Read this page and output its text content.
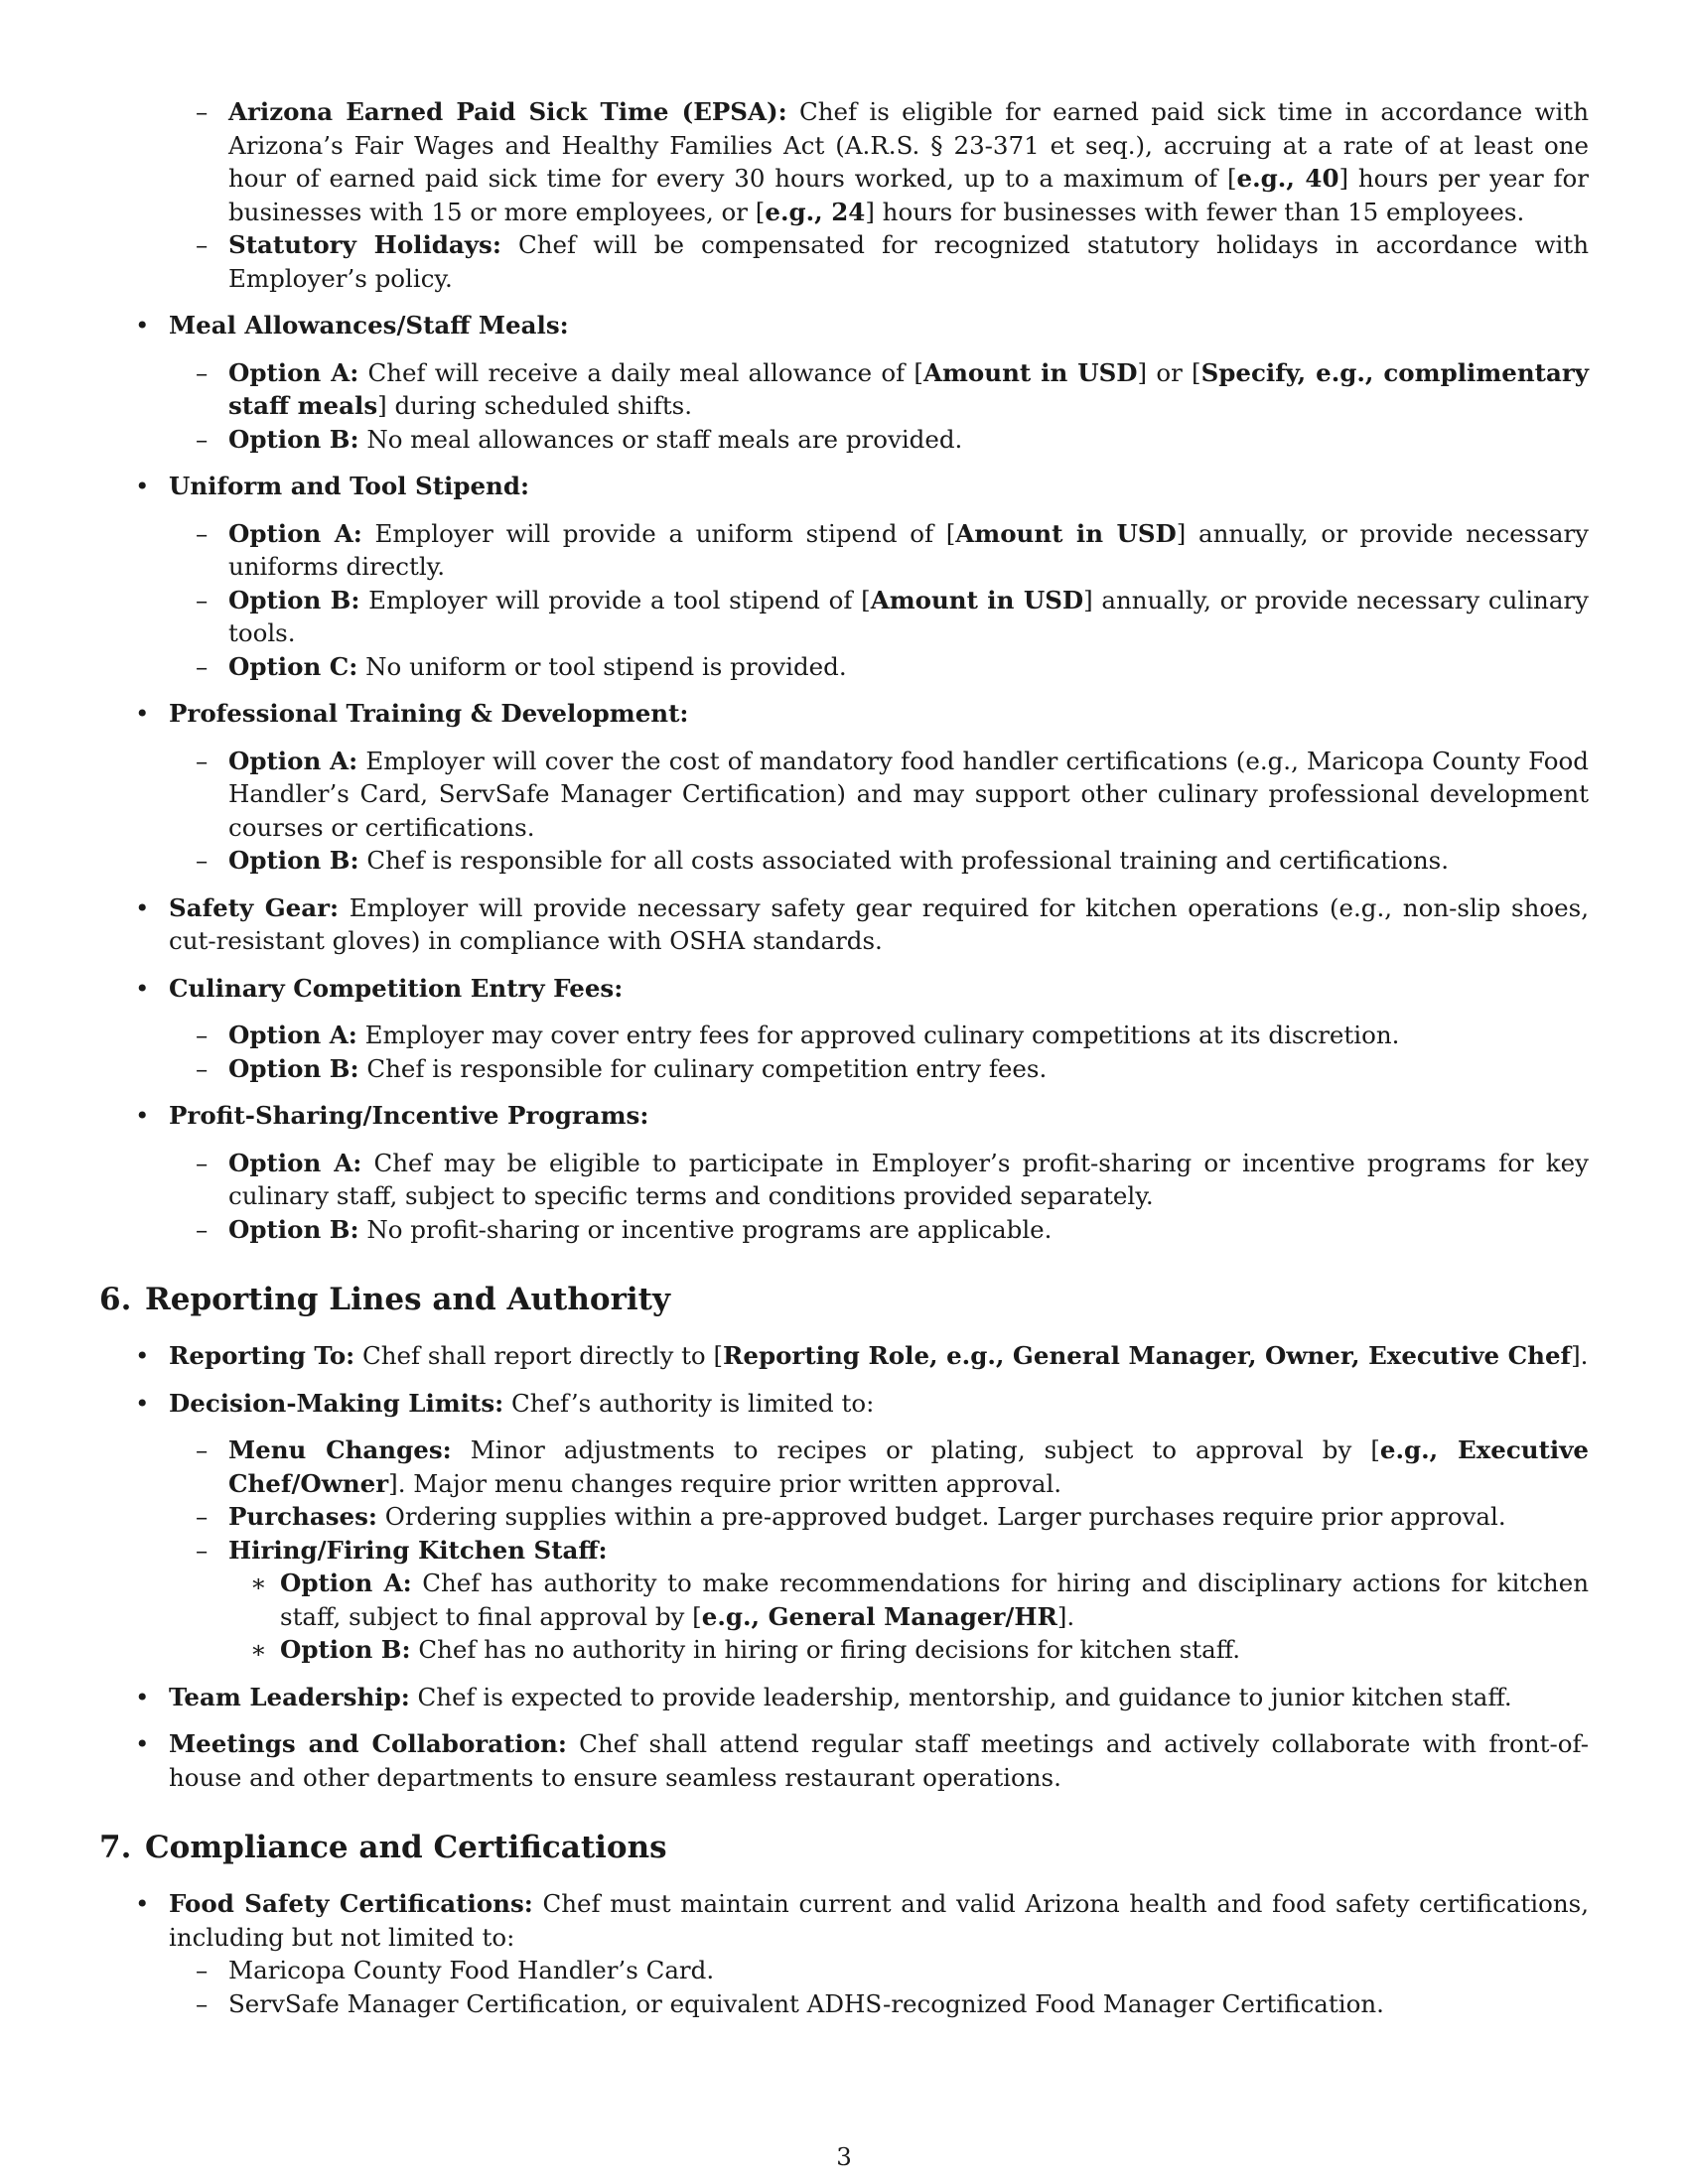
– Arizona Earned Paid Sick Time (EPSA): Chef is eligible for earned paid sick time in accordance with Arizona’s Fair Wages and Healthy Families Act (A.R.S. § 23-371 et seq.), accruing at a rate of at least one hour of earned paid sick time for every 30 hours worked, up to a maximum of [e.g., 40] hours per year for businesses with 15 or more employees, or [e.g., 24] hours for businesses with fewer than 15 employees.

– Statutory Holidays: Chef will be compensated for recognized statutory holidays in accordance with Employer’s policy.

• Meal Allowances/Staff Meals:

– Option A: Chef will receive a daily meal allowance of [Amount in USD] or [Specify, e.g., complimentary staff meals] during scheduled shifts.

– Option B: No meal allowances or staff meals are provided.

• Uniform and Tool Stipend:

– Option A: Employer will provide a uniform stipend of [Amount in USD] annually, or provide necessary uniforms directly.

– Option B: Employer will provide a tool stipend of [Amount in USD] annually, or provide necessary culinary tools.

– Option C: No uniform or tool stipend is provided.

• Professional Training & Development:

– Option A: Employer will cover the cost of mandatory food handler certifications (e.g., Maricopa County Food Handler’s Card, ServSafe Manager Certification) and may support other culinary professional development courses or certifications.

– Option B: Chef is responsible for all costs associated with professional training and certifications.

• Safety Gear: Employer will provide necessary safety gear required for kitchen operations (e.g., non-slip shoes, cut-resistant gloves) in compliance with OSHA standards.

• Culinary Competition Entry Fees:

– Option A: Employer may cover entry fees for approved culinary competitions at its discretion.

– Option B: Chef is responsible for culinary competition entry fees.

• Profit-Sharing/Incentive Programs:

– Option A: Chef may be eligible to participate in Employer’s profit-sharing or incentive programs for key culinary staff, subject to specific terms and conditions provided separately.

– Option B: No profit-sharing or incentive programs are applicable.

6. Reporting Lines and Authority

• Reporting To: Chef shall report directly to [Reporting Role, e.g., General Manager, Owner, Executive Chef].

• Decision-Making Limits: Chef’s authority is limited to:

– Menu Changes: Minor adjustments to recipes or plating, subject to approval by [e.g., Executive Chef/Owner]. Major menu changes require prior written approval.

– Purchases: Ordering supplies within a pre-approved budget. Larger purchases require prior approval.

– Hiring/Firing Kitchen Staff:

∗ Option A: Chef has authority to make recommendations for hiring and disciplinary actions for kitchen staff, subject to final approval by [e.g., General Manager/HR].

∗ Option B: Chef has no authority in hiring or firing decisions for kitchen staff.

• Team Leadership: Chef is expected to provide leadership, mentorship, and guidance to junior kitchen staff.

• Meetings and Collaboration: Chef shall attend regular staff meetings and actively collaborate with front-of-house and other departments to ensure seamless restaurant operations.

7. Compliance and Certifications

• Food Safety Certifications: Chef must maintain current and valid Arizona health and food safety certifications, including but not limited to:

– Maricopa County Food Handler’s Card.

– ServSafe Manager Certification, or equivalent ADHS-recognized Food Manager Certification.

3
